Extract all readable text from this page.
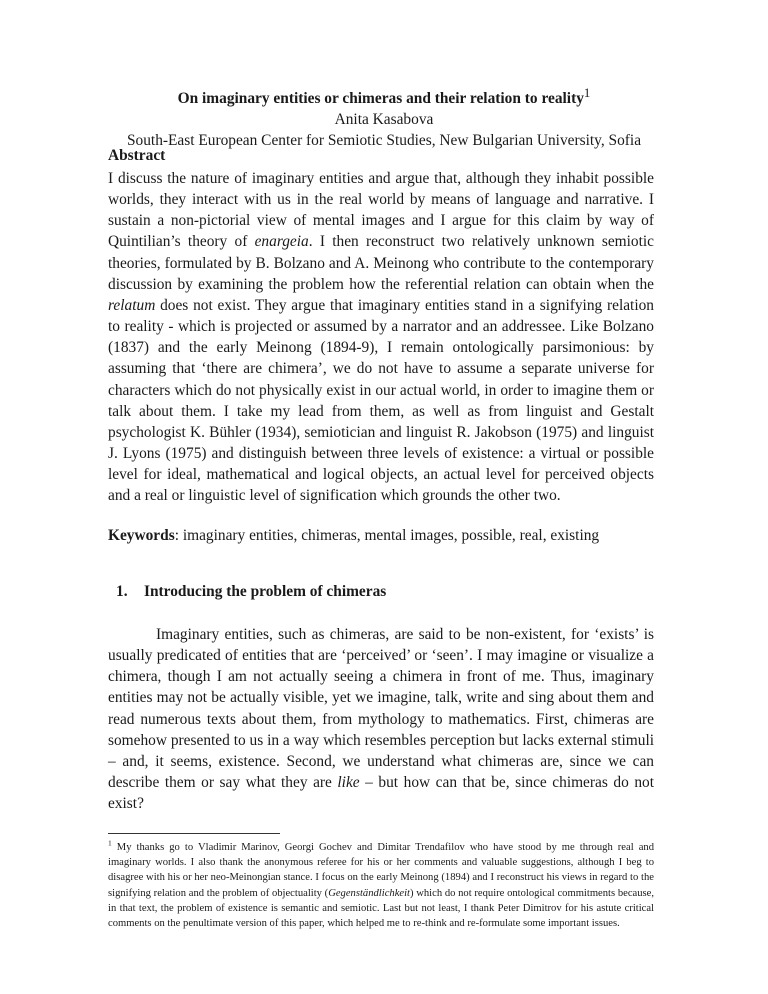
On imaginary entities or chimeras and their relation to reality$^1$
Anita Kasabova
South-East European Center for Semiotic Studies, New Bulgarian University, Sofia
Abstract
I discuss the nature of imaginary entities and argue that, although they inhabit possible worlds, they interact with us in the real world by means of language and narrative. I sustain a non-pictorial view of mental images and I argue for this claim by way of Quintilian’s theory of enargeia. I then reconstruct two relatively unknown semiotic theories, formulated by B. Bolzano and A. Meinong who contribute to the contemporary discussion by examining the problem how the referential relation can obtain when the relatum does not exist. They argue that imaginary entities stand in a signifying relation to reality - which is projected or assumed by a narrator and an addressee. Like Bolzano (1837) and the early Meinong (1894-9), I remain ontologically parsimonious: by assuming that ‘there are chimera’, we do not have to assume a separate universe for characters which do not physically exist in our actual world, in order to imagine them or talk about them. I take my lead from them, as well as from linguist and Gestalt psychologist K. Bühler (1934), semiotician and linguist R. Jakobson (1975) and linguist J. Lyons (1975) and distinguish between three levels of existence: a virtual or possible level for ideal, mathematical and logical objects, an actual level for perceived objects and a real or linguistic level of signification which grounds the other two.
Keywords: imaginary entities, chimeras, mental images, possible, real, existing
1. Introducing the problem of chimeras
Imaginary entities, such as chimeras, are said to be non-existent, for ‘exists’ is usually predicated of entities that are ‘perceived’ or ‘seen’. I may imagine or visualize a chimera, though I am not actually seeing a chimera in front of me. Thus, imaginary entities may not be actually visible, yet we imagine, talk, write and sing about them and read numerous texts about them, from mythology to mathematics. First, chimeras are somehow presented to us in a way which resembles perception but lacks external stimuli – and, it seems, existence. Second, we understand what chimeras are, since we can describe them or say what they are like – but how can that be, since chimeras do not exist?
$^1$ My thanks go to Vladimir Marinov, Georgi Gochev and Dimitar Trendafilov who have stood by me through real and imaginary worlds. I also thank the anonymous referee for his or her comments and valuable suggestions, although I beg to disagree with his or her neo-Meinongian stance. I focus on the early Meinong (1894) and I reconstruct his views in regard to the signifying relation and the problem of objectuality (Gegenständlichkeit) which do not require ontological commitments because, in that text, the problem of existence is semantic and semiotic. Last but not least, I thank Peter Dimitrov for his astute critical comments on the penultimate version of this paper, which helped me to re-think and re-formulate some important issues.
